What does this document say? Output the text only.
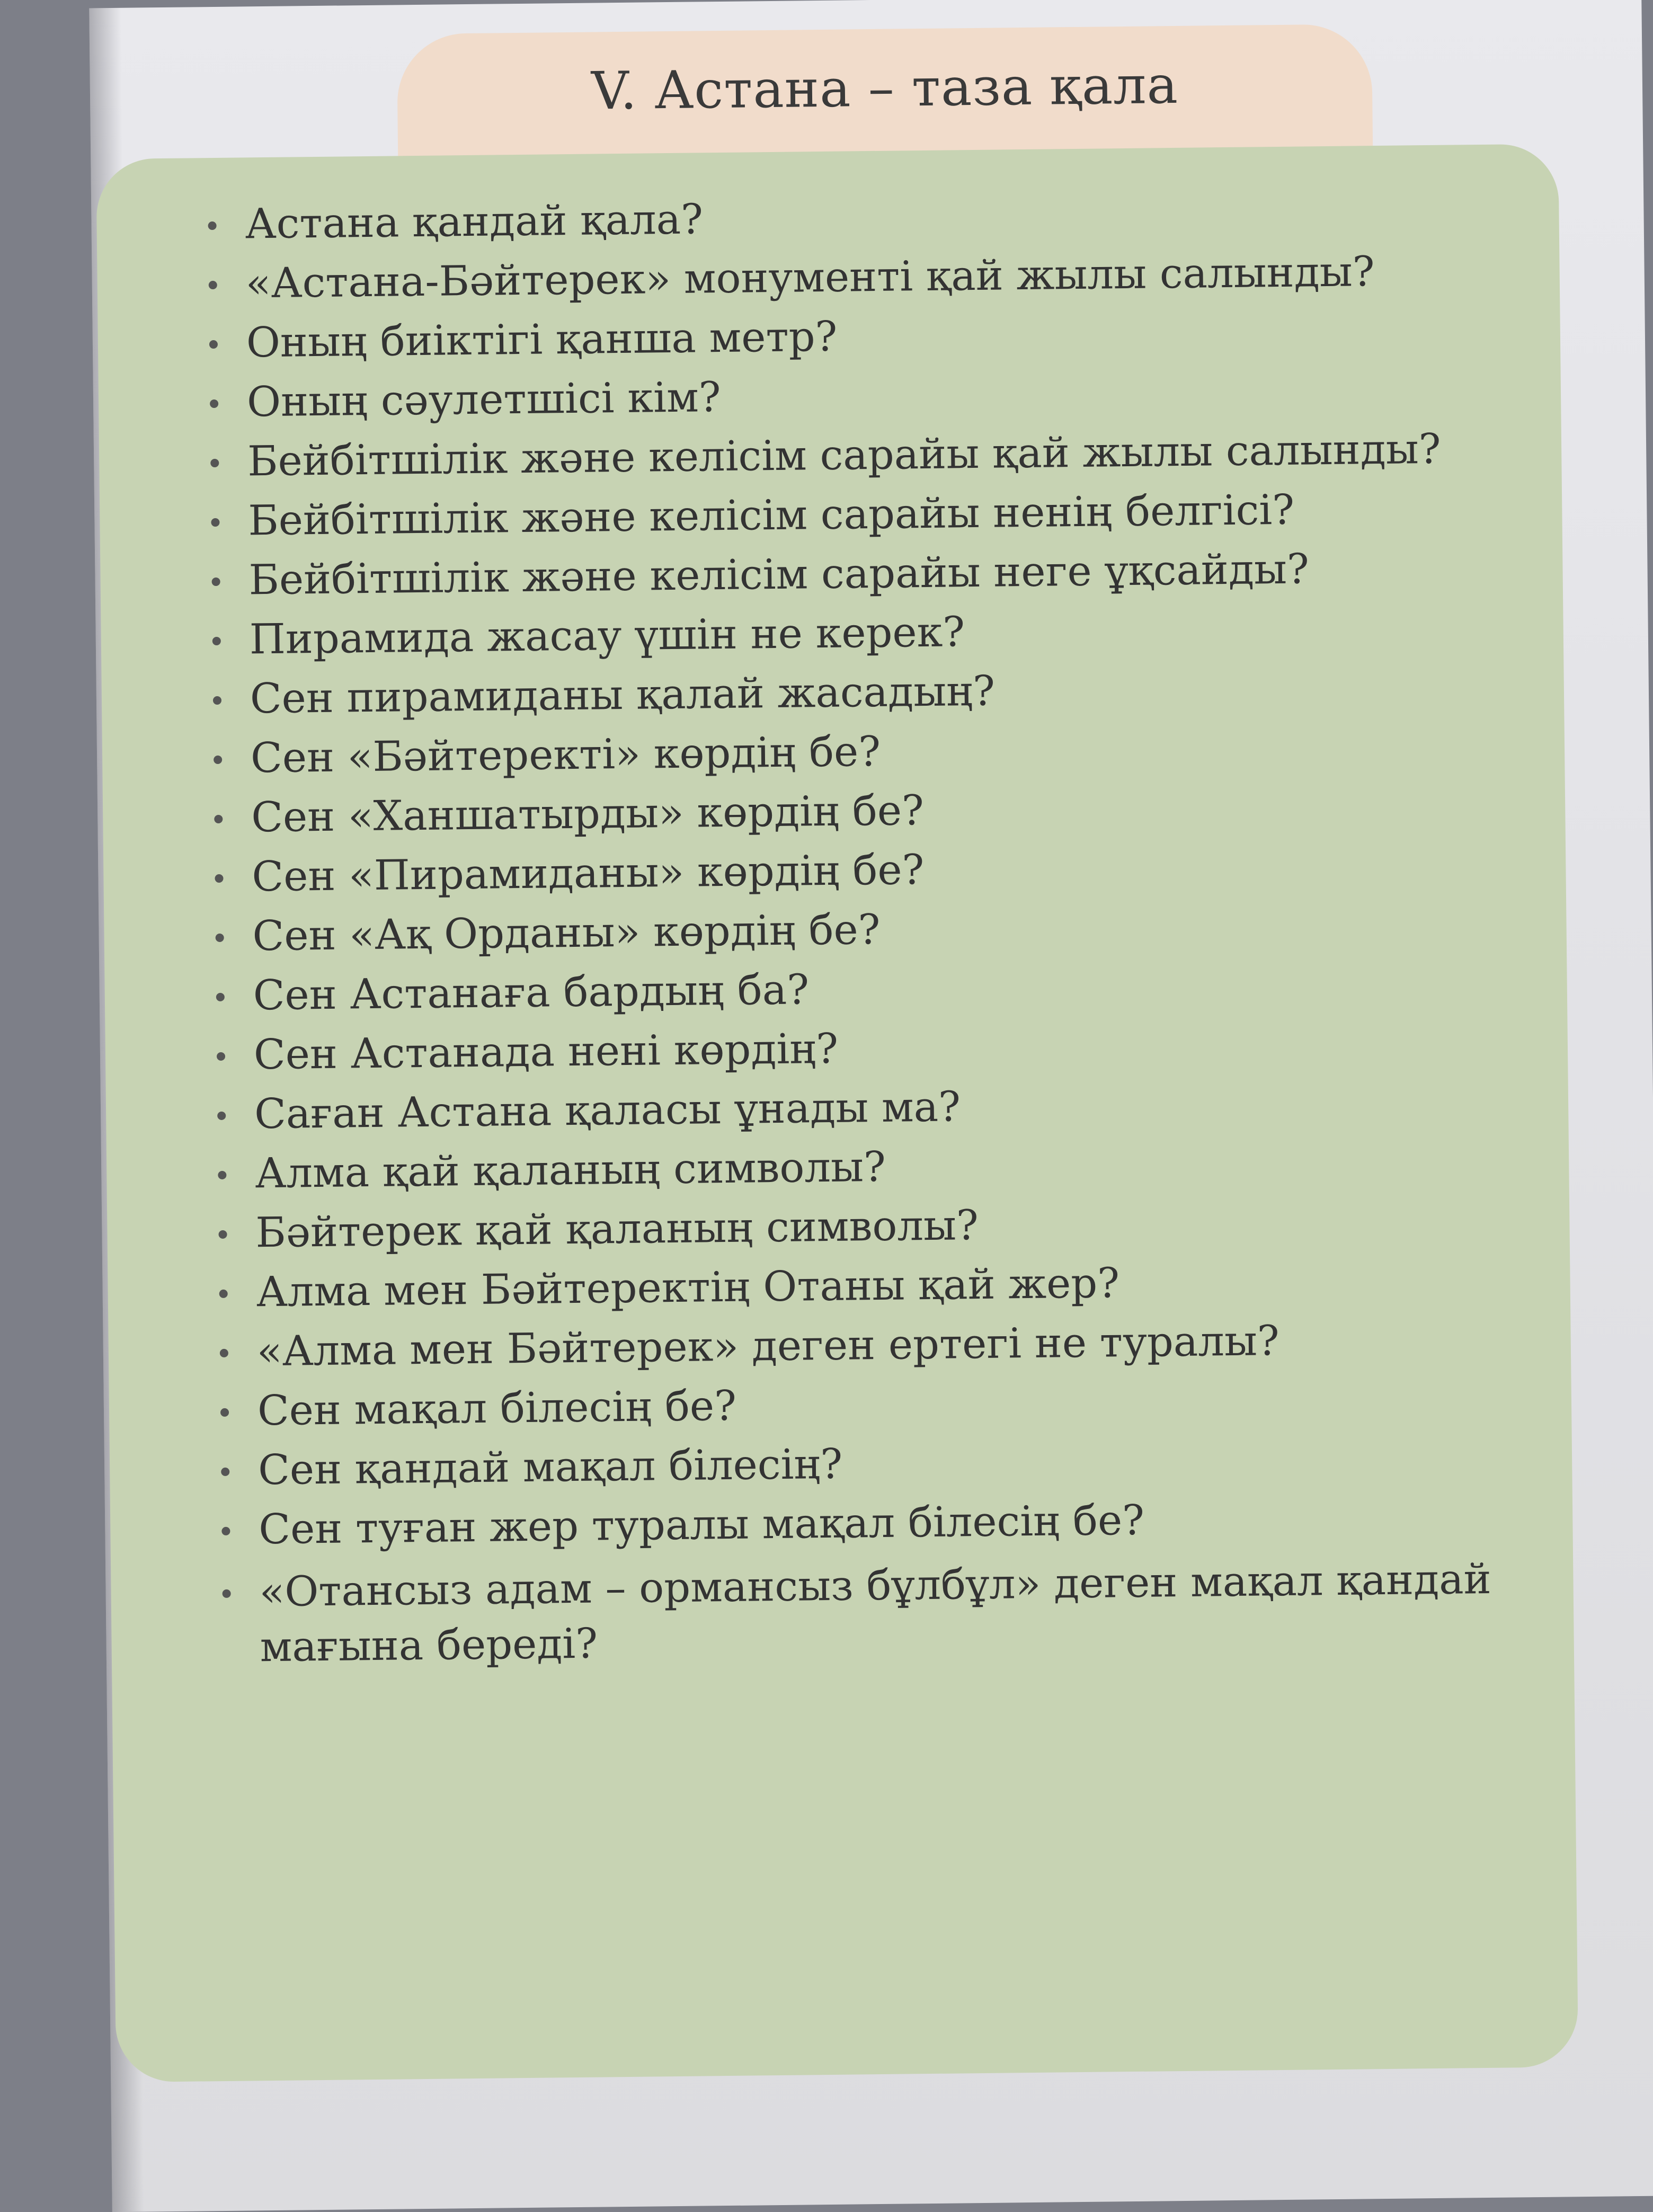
V. Астана – таза қала
Астана қандай қала?
«Астана-Бәйтерек» монументі қай жылы салынды?
Оның биіктігі қанша метр?
Оның сәулетшісі кім?
Бейбітшілік және келісім сарайы қай жылы салынды?
Бейбітшілік және келісім сарайы ненің белгісі?
Бейбітшілік және келісім сарайы неге ұқсайды?
Пирамида жасау үшін не керек?
Сен пирамиданы қалай жасадың?
Сен «Бәйтеректі» көрдің бе?
Сен «Ханшатырды» көрдің бе?
Сен «Пирамиданы» көрдің бе?
Сен «Ақ Орданы» көрдің бе?
Сен Астанаға бардың ба?
Сен Астанада нені көрдің?
Саған Астана қаласы ұнады ма?
Алма қай қаланың символы?
Бәйтерек қай қаланың символы?
Алма мен Бәйтеректің Отаны қай жер?
«Алма мен Бәйтерек» деген ертегі не туралы?
Сен мақал білесің бе?
Сен қандай мақал білесің?
Сен туған жер туралы мақал білесің бе?
«Отансыз адам – ормансыз бұлбұл» деген мақал қандай мағына береді?
